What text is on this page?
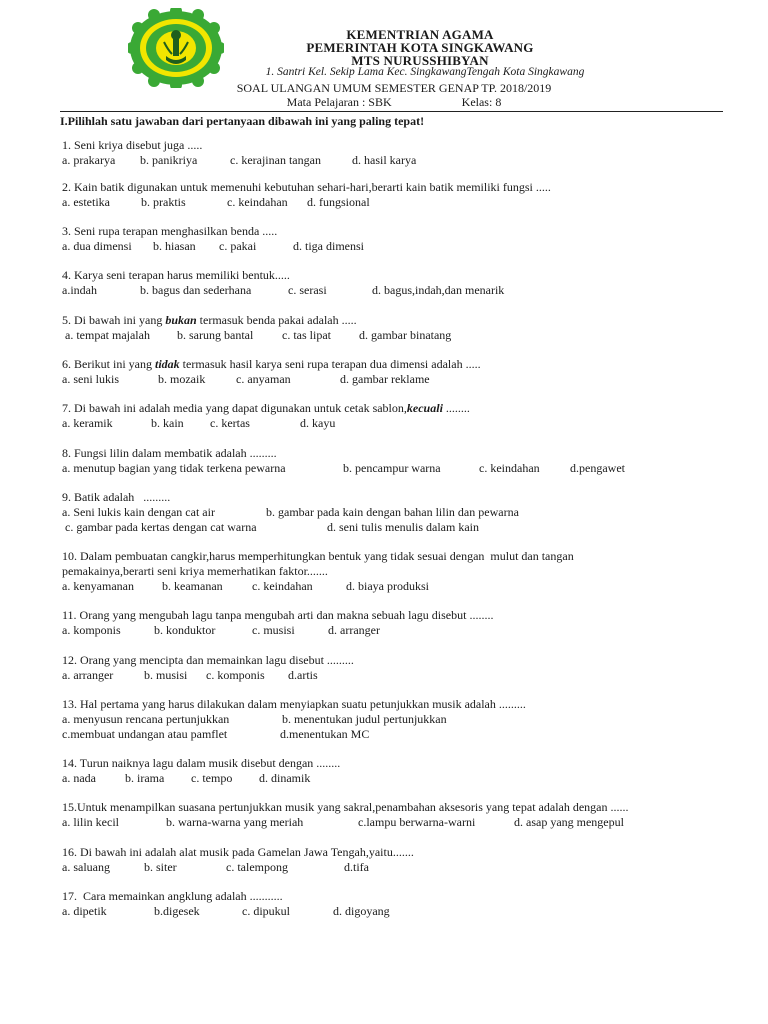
KEMENTRIAN AGAMA
PEMERINTAH KOTA SINGKAWANG
MTS NURUSSHIBYAN
1. Santri Kel. Sekip Lama Kec. SingkawangTengah Kota Singkawang
SOAL ULANGAN UMUM SEMESTER GENAP TP. 2018/2019
Mata Pelajaran : SBK	Kelas: 8
I.Pilihlah satu jawaban dari pertanyaan dibawah ini yang paling tepat!
1. Seni kriya disebut juga .....
a. prakarya b. panikriya	c. kerajinan tangan	d. hasil karya
2. Kain batik digunakan untuk memenuhi kebutuhan sehari-hari,berarti kain batik memiliki fungsi .....
a. estetika	b. praktis	c. keindahan d. fungsional
3. Seni rupa terapan menghasilkan benda .....
a. dua dimensi b. hiasan c. pakai	d. tiga dimensi
4. Karya seni terapan harus memiliki bentuk.....
a.indah	b. bagus dan sederhana	c. serasi	d. bagus,indah,dan menarik
5. Di bawah ini yang bukan termasuk benda pakai adalah .....
a. tempat majalah b. sarung bantal c. tas lipat d. gambar binatang
6. Berikut ini yang tidak termasuk hasil karya seni rupa terapan dua dimensi adalah .....
a. seni lukis	b. mozaik	c. anyaman	d. gambar reklame
7. Di bawah ini adalah media yang dapat digunakan untuk cetak sablon,kecuali ........
a. keramik	b. kain c. kertas	d. kayu
8. Fungsi lilin dalam membatik adalah .........
a. menutup bagian yang tidak terkena pewarna	b. pencampur warna	c. keindahan	d.pengawet
9. Batik adalah   .........
a. Seni lukis kain dengan cat air	b. gambar pada kain dengan bahan lilin dan pewarna
c. gambar pada kertas dengan cat warna	d. seni tulis menulis dalam kain
10. Dalam pembuatan cangkir,harus memperhitungkan bentuk yang tidak sesuai dengan  mulut dan tangan
pemakainya,berarti seni kriya memerhatikan faktor.......
a. kenyamanan b. keamanan c. keindahan	d. biaya produksi
11. Orang yang mengubah lagu tanpa mengubah arti dan makna sebuah lagu disebut ........
a. komponis	b. konduktor	c. musisi	d. arranger
12. Orang yang mencipta dan memainkan lagu disebut .........
a. arranger	b. musisi c. komponis d.artis
13. Hal pertama yang harus dilakukan dalam menyiapkan suatu petunjukkan musik adalah .........
a. menyusun rencana pertunjukkan	b. menentukan judul pertunjukkan
c.membuat undangan atau pamflet	d.menentukan MC
14. Turun naiknya lagu dalam musik disebut dengan ........
a. nada b. irama c. tempo d. dinamik
15.Untuk menampilkan suasana pertunjukkan musik yang sakral,penambahan aksesoris yang tepat adalah dengan ......
a. lilin kecil	b. warna-warna yang meriah	c.lampu berwarna-warni	d. asap yang mengepul
16. Di bawah ini adalah alat musik pada Gamelan Jawa Tengah,yaitu.......
a. saluang	b. siter	c. talempong	d.tifa
17.  Cara memainkan angklung adalah ...........
a. dipetik	b.digesek	c. dipukul	d. digoyang
